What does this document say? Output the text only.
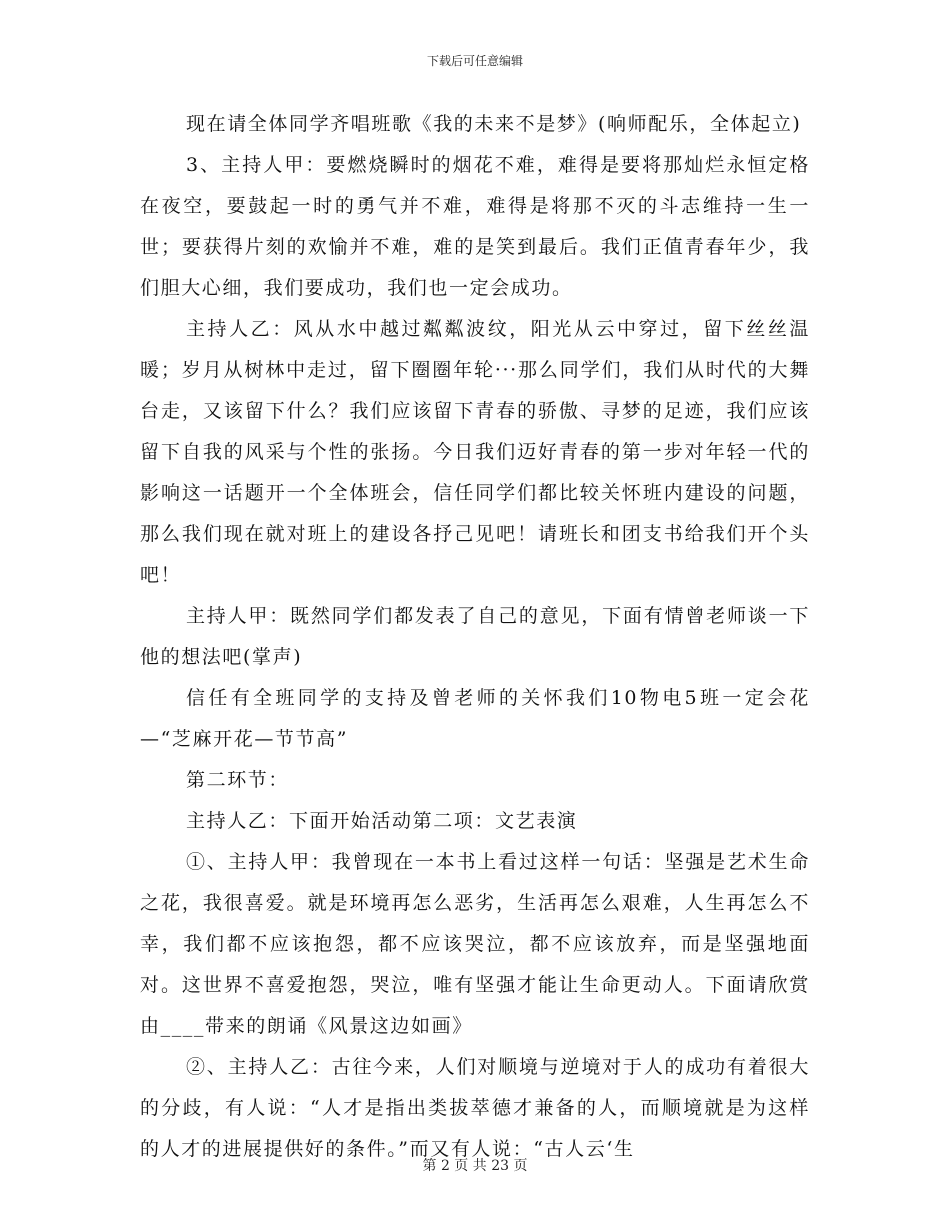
下载后可任意编辑

现在请全体同学齐唱班歌《我的未来不是梦》(响师配乐，全体起立)

3、主持人甲：要燃烧瞬时的烟花不难，难得是要将那灿烂永恒定格在夜空，要鼓起一时的勇气并不难，难得是将那不灭的斗志维持一生一世；要获得片刻的欢愉并不难，难的是笑到最后。我们正值青春年少，我们胆大心细，我们要成功，我们也一定会成功。

主持人乙：风从水中越过粼粼波纹，阳光从云中穿过，留下丝丝温暖；岁月从树林中走过，留下圈圈年轮···那么同学们，我们从时代的大舞台走，又该留下什么？我们应该留下青春的骄傲、寻梦的足迹，我们应该留下自我的风采与个性的张扬。今日我们迈好青春的第一步对年轻一代的影响这一话题开一个全体班会，信任同学们都比较关怀班内建设的问题，那么我们现在就对班上的建设各抒己见吧！请班长和团支书给我们开个头吧！

主持人甲：既然同学们都发表了自己的意见，下面有情曾老师谈一下他的想法吧(掌声)

信任有全班同学的支持及曾老师的关怀我们10物电5班一定会花—“芝麻开花—节节高”

第二环节：

主持人乙：下面开始活动第二项：文艺表演

①、主持人甲：我曾现在一本书上看过这样一句话：坚强是艺术生命之花，我很喜爱。就是环境再怎么恶劣，生活再怎么艰难，人生再怎么不幸，我们都不应该抱怨，都不应该哭泣，都不应该放弃，而是坚强地面对。这世界不喜爱抱怨，哭泣，唯有坚强才能让生命更动人。下面请欣赏由____带来的朗诵《风景这边如画》

②、主持人乙：古往今来，人们对顺境与逆境对于人的成功有着很大的分歧，有人说：“人才是指出类拔萃德才兼备的人，而顺境就是为这样的人才的进展提供好的条件。”而又有人说：“古人云‘生

第 2 页 共 23 页
